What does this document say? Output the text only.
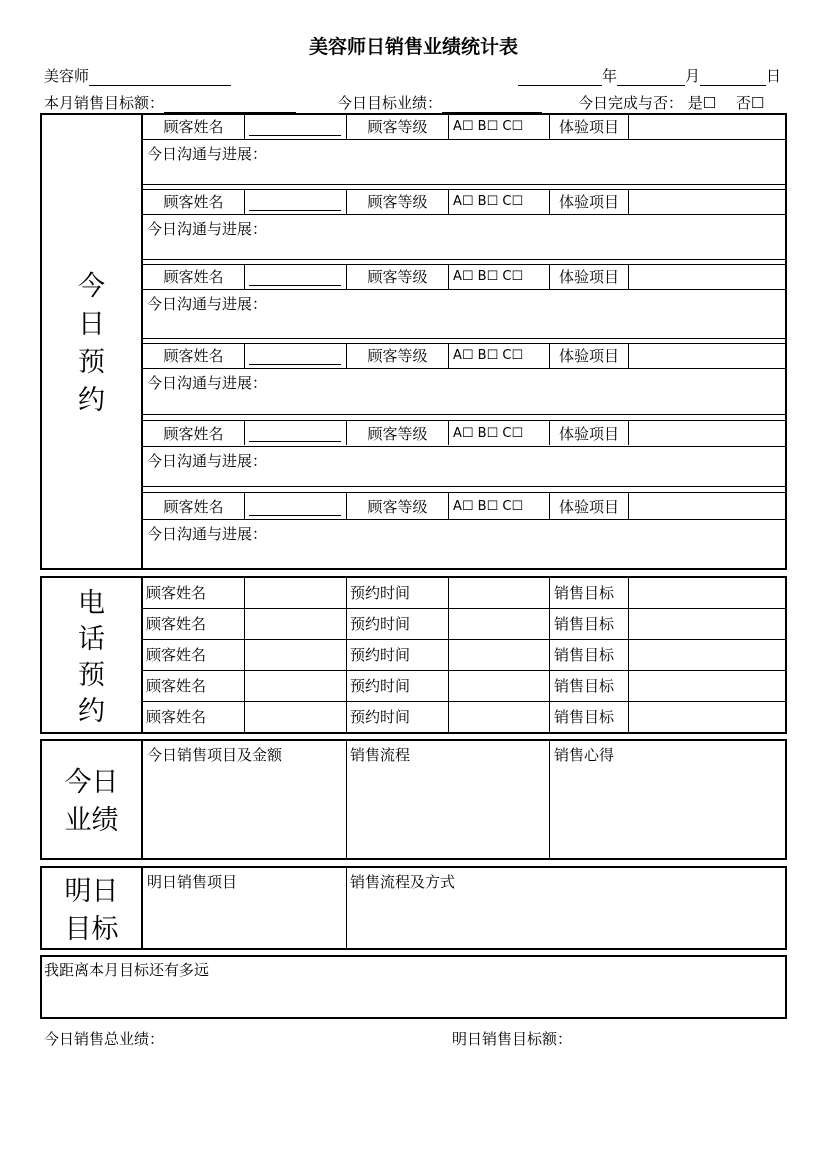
美容师日销售业绩统计表
美容师	年	月	日
本月销售目标额：	今日目标业绩：	今日完成与否： 是☐ 否☐
今
日
预
约
顾客姓名	顾客等级	A☐ B☐ C☐	体验项目
今日沟通与进展：
顾客姓名	顾客等级	A☐ B☐ C☐	体验项目
今日沟通与进展：
顾客姓名	顾客等级	A☐ B☐ C☐	体验项目
今日沟通与进展：
顾客姓名	顾客等级	A☐ B☐ C☐	体验项目
今日沟通与进展：
顾客姓名	顾客等级	A☐ B☐ C☐	体验项目
今日沟通与进展：
顾客姓名	顾客等级	A☐ B☐ C☐	体验项目
今日沟通与进展：
电
话
预
约
顾客姓名	预约时间	销售目标
顾客姓名	预约时间	销售目标
顾客姓名	预约时间	销售目标
顾客姓名	预约时间	销售目标
顾客姓名	预约时间	销售目标
今日
业绩
今日销售项目及金额	销售流程	销售心得
明日
目标
明日销售项目	销售流程及方式
我距离本月目标还有多远
今日销售总业绩：	明日销售目标额：
